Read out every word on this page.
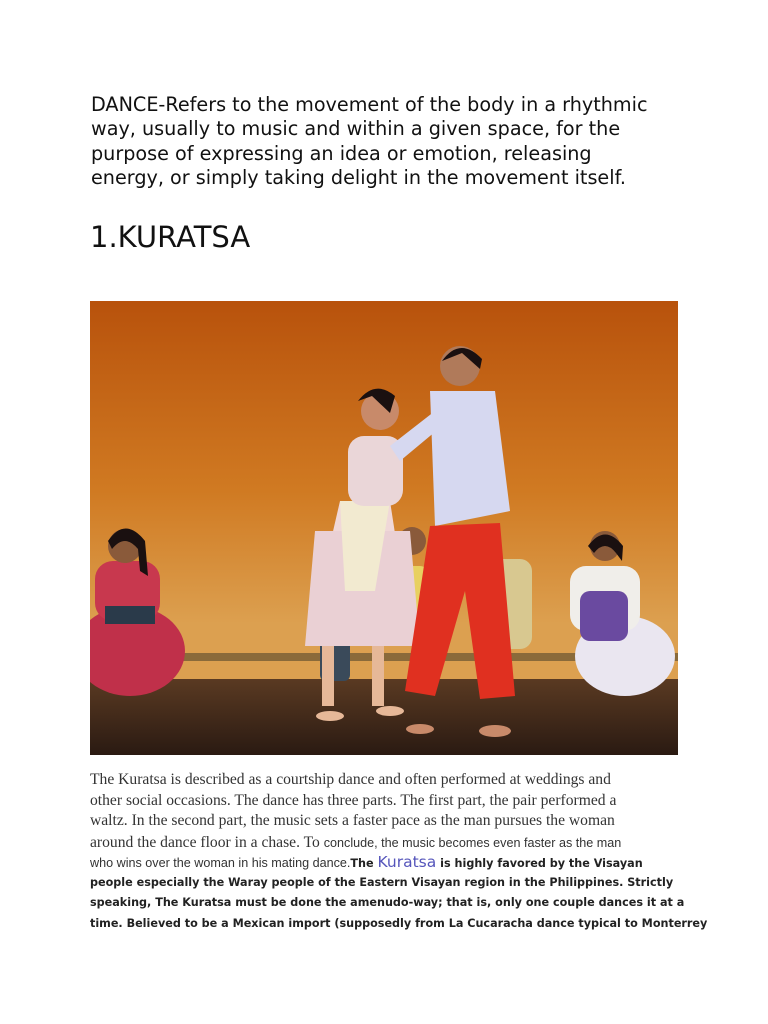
DANCE-Refers to the movement of the body in a rhythmic
way, usually to music and within a given space, for the
purpose of expressing an idea or emotion, releasing
energy, or simply taking delight in the movement itself.
1.KURATSA
The Kuratsa is described as a courtship dance and often performed at weddings and
other social occasions. The dance has three parts. The first part, the pair performed a
waltz. In the second part, the music sets a faster pace as the man pursues the woman
around the dance floor in a chase. To conclude, the music becomes even faster as the man
who wins over the woman in his mating dance.The Kuratsa is highly favored by the Visayan
people especially the Waray people of the Eastern Visayan region in the Philippines. Strictly
speaking, The Kuratsa must be done the amenudo-way; that is, only one couple dances it at a
time. Believed to be a Mexican import (supposedly from La Cucaracha dance typical to Monterrey
